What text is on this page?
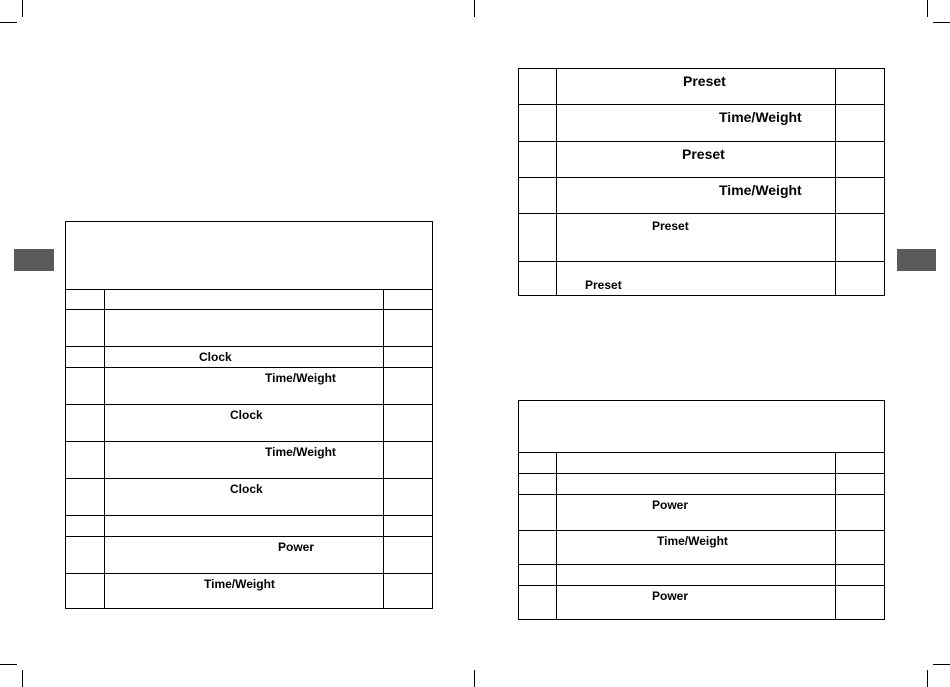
	Clock	
	Time/Weight	
	Clock	
	Time/Weight	
	Clock	

	Power	
	Time/Weight	
	Preset	
	Time/Weight	
	Preset	
	Time/Weight	
	Preset	
	Preset	

	Power	
	Time/Weight	

	Power	
